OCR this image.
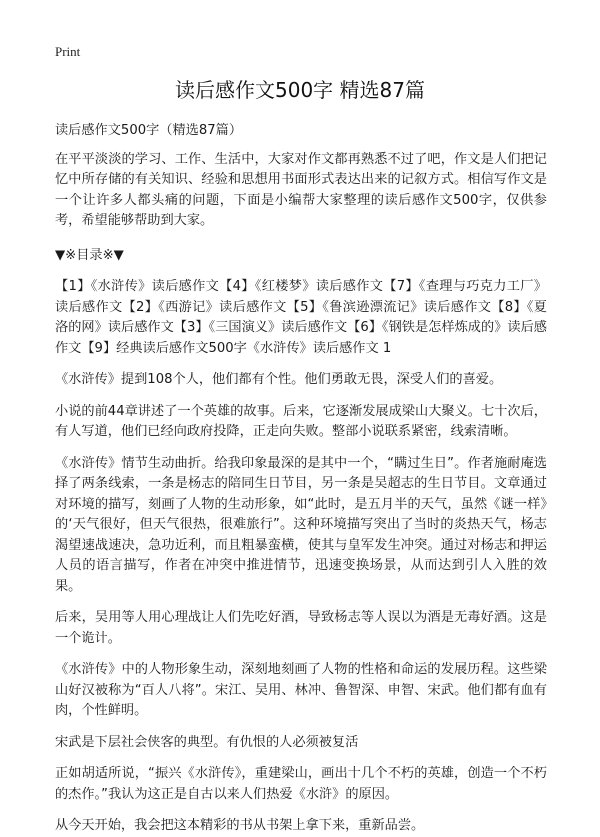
Print
读后感作文500字 精选87篇

读后感作文500字（精选87篇）

在平平淡淡的学习、工作、生活中，大家对作文都再熟悉不过了吧，作文是人们把记忆中所存储的有关知识、经验和思想用书面形式表达出来的记叙方式。相信写作文是一个让许多人都头痛的问题，下面是小编帮大家整理的读后感作文500字，仅供参考，希望能够帮助到大家。

▼※目录※▼

【1】《水浒传》读后感作文【4】《红楼梦》读后感作文【7】《查理与巧克力工厂》读后感作文【2】《西游记》读后感作文【5】《鲁滨逊漂流记》读后感作文【8】《夏洛的网》读后感作文【3】《三国演义》读后感作文【6】《钢铁是怎样炼成的》读后感作文【9】经典读后感作文500字《水浒传》读后感作文 1

《水浒传》提到108个人，他们都有个性。他们勇敢无畏，深受人们的喜爱。

小说的前44章讲述了一个英雄的故事。后来，它逐渐发展成梁山大聚义。七十次后，有人写道，他们已经向政府投降，正走向失败。整部小说联系紧密，线索清晰。

《水浒传》情节生动曲折。给我印象最深的是其中一个，“瞒过生日”。作者施耐庵选择了两条线索，一条是杨志的陪同生日节目，另一条是吴超志的生日节目。文章通过对环境的描写，刻画了人物的生动形象，如“此时，是五月半的天气，虽然《谜一样》的‘天气很好，但天气很热，很难旅行”。这种环境描写突出了当时的炎热天气，杨志渴望速战速决，急功近利，而且粗暴蛮横，使其与皇军发生冲突。通过对杨志和押运人员的语言描写，作者在冲突中推进情节，迅速变换场景，从而达到引人入胜的效果。

后来，吴用等人用心理战让人们先吃好酒，导致杨志等人误以为酒是无毒好酒。这是一个诡计。

《水浒传》中的人物形象生动，深刻地刻画了人物的性格和命运的发展历程。这些梁山好汉被称为“百人八将”。宋江、吴用、林冲、鲁智深、申智、宋武。他们都有血有肉，个性鲜明。

宋武是下层社会侠客的典型。有仇恨的人必须被复活

正如胡适所说，“振兴《水浒传》，重建梁山，画出十几个不朽的英雄，创造一个不朽的杰作。”我认为这正是自古以来人们热爱《水浒》的原因。

从今天开始，我会把这本精彩的书从书架上拿下来，重新品尝。
